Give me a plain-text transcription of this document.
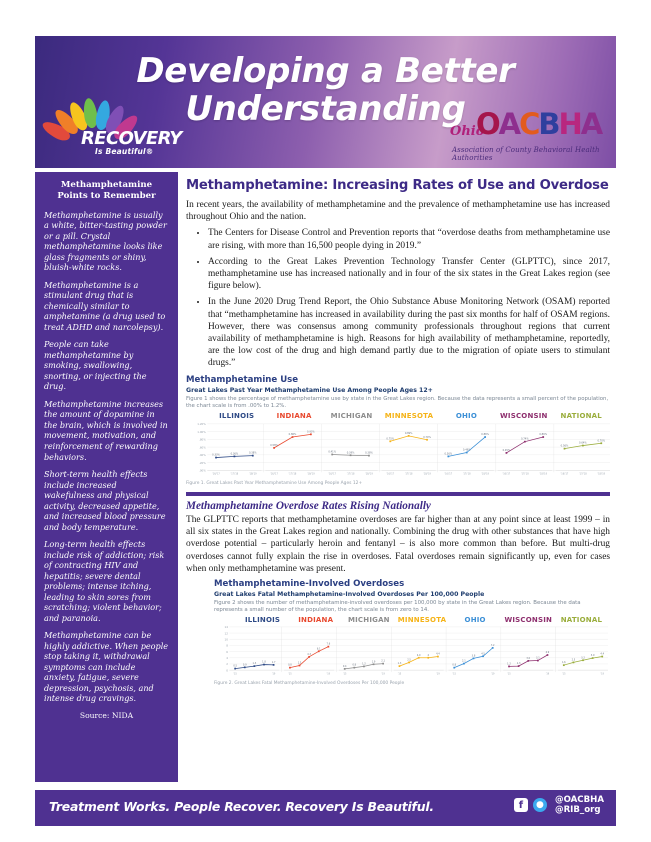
Developing a Better
Understanding
RECOVERY
Is Beautiful®
Ohio
OACBHA
Association of County Behavioral Health Authorities
Methamphetamine
Points to Remember

Methamphetamine is usually a white, bitter-tasting powder or a pill. Crystal methamphetamine looks like glass fragments or shiny, bluish-white rocks.

Methamphetamine is a stimulant drug that is chemically similar to amphetamine (a drug used to treat ADHD and narcolepsy).

People can take methamphetamine by smoking, swallowing, snorting, or injecting the drug.

Methamphetamine increases the amount of dopamine in the brain, which is involved in movement, motivation, and reinforcement of rewarding behaviors.

Short-term health effects include increased wakefulness and physical activity, decreased appetite, and increased blood pressure and body temperature.

Long-term health effects include risk of addiction; risk of contracting HIV and hepatitis; severe dental problems; intense itching, leading to skin sores from scratching; violent behavior; and paranoia.

Methamphetamine can be highly addictive. When people stop taking it, withdrawal symptoms can include anxiety, fatigue, severe depression, psychosis, and intense drug cravings.

Source: NIDA
Methamphetamine: Increasing Rates of Use and Overdose

In recent years, the availability of methamphetamine and the prevalence of methamphetamine use has increased throughout Ohio and the nation.

• The Centers for Disease Control and Prevention reports that “overdose deaths from methamphetamine use are rising, with more than 16,500 people dying in 2019.”
• According to the Great Lakes Prevention Technology Transfer Center (GLPTTC), since 2017, methamphetamine use has increased nationally and in four of the six states in the Great Lakes region (see figure below).
• In the June 2020 Drug Trend Report, the Ohio Substance Abuse Monitoring Network (OSAM) reported that “methamphetamine has increased in availability during the past six months for half of OSAM regions. However, there was consensus among community professionals throughout regions that current availability of methamphetamine is high. Reasons for high availability of methamphetamine, reportedly, are the low cost of the drug and high demand partly due to the migration of opiate users to stimulant drugs.”
Methamphetamine Use
Great Lakes Past Year Methamphetamine Use Among People Ages 12+
Figure 1 shows the percentage of methamphetamine use by state in the Great Lakes region. Because the data represents a small percent of the population, the chart scale is from .00% to 1.2%.
ILLINOIS	INDIANA	MICHIGAN	MINNESOTA	OHIO	WISCONSIN	NATIONAL
1.20%
1.00%
.80%
.60%
.40%
.20%
.00%
0.33%	0.36%	0.38%
'16/'17	'17/'18	'18/'19
0.58%
0.86%
0.93%
'16/'17	'17/'18	'18/'19
0.41%	0.39%	0.38%
'16/'17	'17/'18	'18/'19
0.75%
0.89%
0.79%
'16/'17	'17/'18	'18/'19
0.36%
0.46%
0.86%
'16/'17	'17/'18	'18/'19
0.45%
0.74%
0.86%
'16/'17	'17/'18	'18/'19
0.56%
0.64%
0.70%
'16/'17	'17/'18	'18/'19
Figure 1. Great Lakes Past Year Methamphetamine Use Among People Ages 12+
Methamphetamine Overdose Rates Rising Nationally

The GLPTTC reports that methamphetamine overdoses are far higher than at any point since at least 1999 – in all six states in the Great Lakes region and nationally. Combining the drug with other substances that have high overdose potential – particularly heroin and fentanyl – is also more common than before. But multi-drug overdoses cannot fully explain the rise in overdoses. Fatal overdoses remain significantly up, even for cases when only methamphetamine was present.

Methamphetamine-Involved Overdoses
Great Lakes Fatal Methamphetamine-Involved Overdoses Per 100,000 People
Figure 2 shows the number of methamphetamine-involved overdoses per 100,000 by state in the Great Lakes region. Because the data represents a small number of the population, the chart scale is from zero to 14.
ILLINOIS	INDIANA	MICHIGAN	MINNESOTA	OHIO	WISCONSIN	NATIONAL
14
12
10
8
6
4
2
0
0.5 0.9 1.3
1.8 1.7
'15	'19
0.8
1.5
4.3
6.1
7.6
'15	'19
0.4 0.8 1.2
1.9 2.1
'15	'19
1.3
2.5
4.0	4	4.4
'15	'19
0.8
2.1
3.8
4.5
7.2
'15	'19
1.2 1.3
3.0 3.1
4.9
'15	'19
1.6
2.5
3.2
3.9
4.4
'15	'19
Figure 2. Great Lakes Fatal Methamphetamine-Involved Overdoses Per 100,000 People
Treatment Works. People Recover. Recovery Is Beautiful.	f	●
@OACBHA
@RIB_org
